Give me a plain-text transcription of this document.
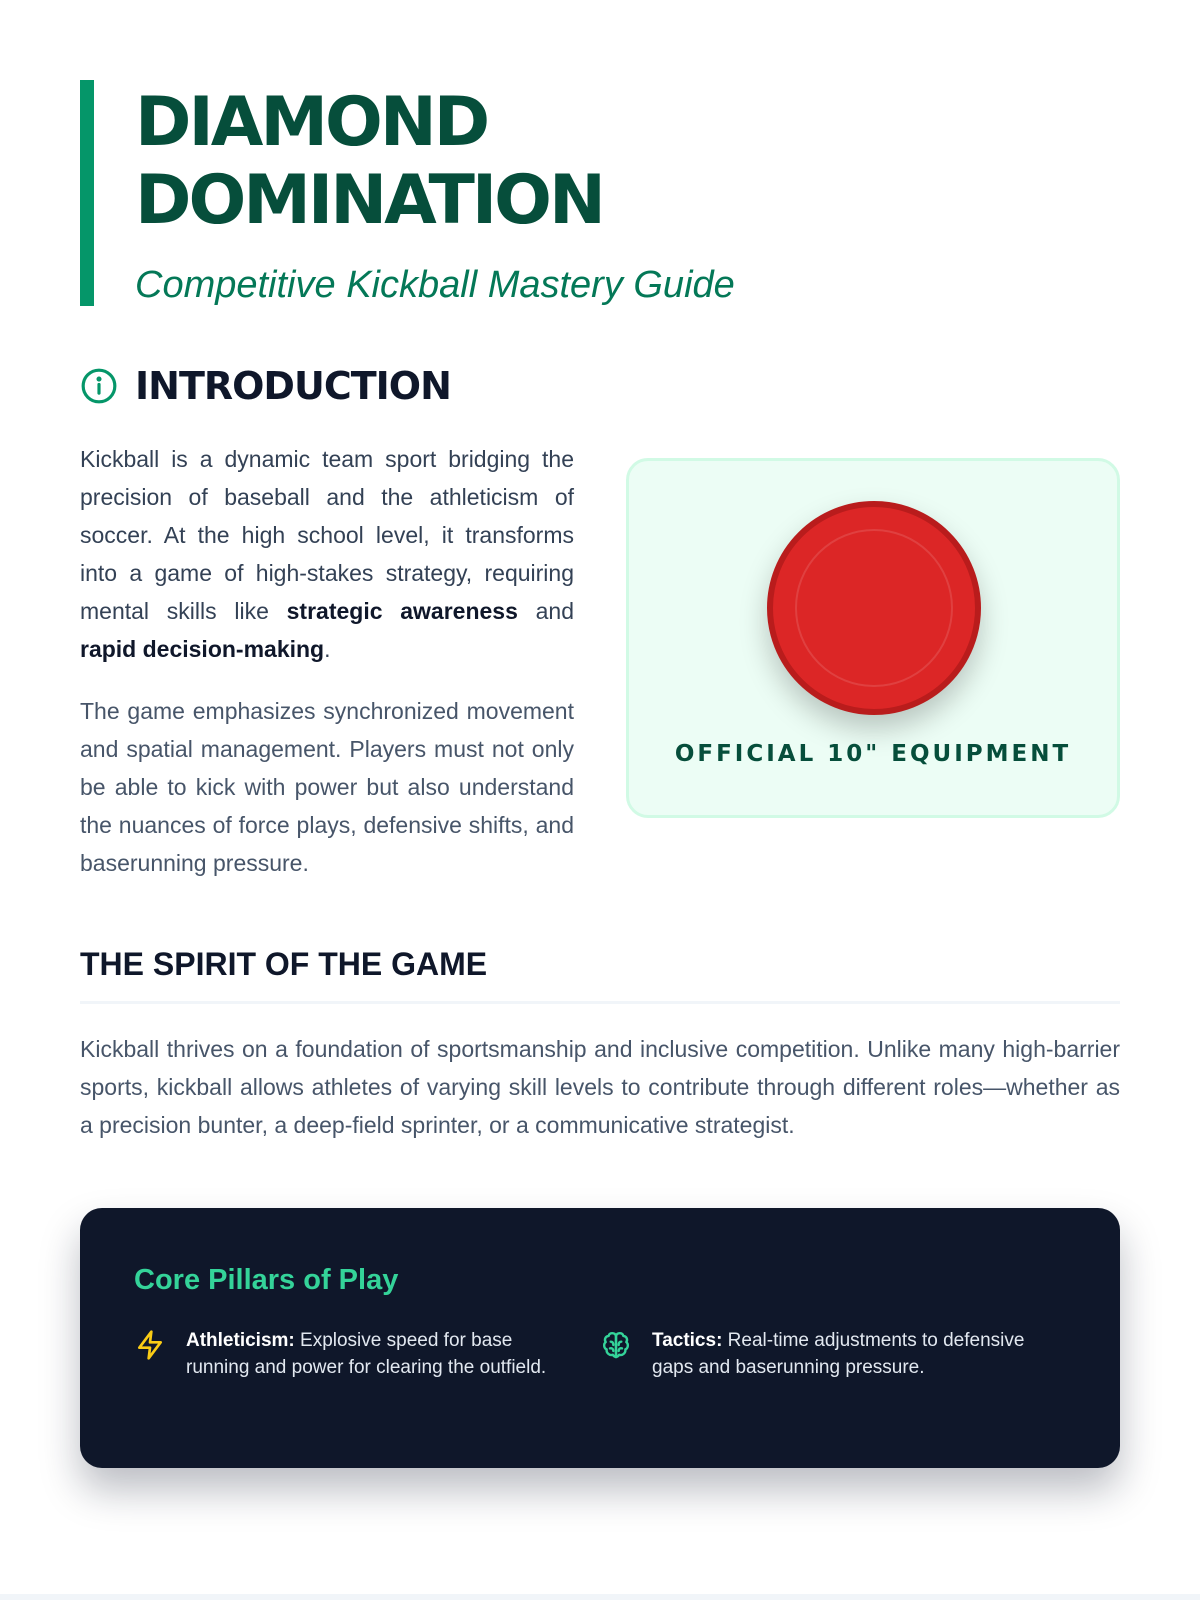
DIAMOND
DOMINATION
Competitive Kickball Mastery Guide
INTRODUCTION

Kickball is a dynamic team sport bridging the precision of baseball and the athleticism of soccer. At the high school level, it transforms into a game of high-stakes strategy, requiring mental skills like strategic awareness and rapid decision-making.

The game emphasizes synchronized movement and spatial management. Players must not only be able to kick with power but also understand the nuances of force plays, defensive shifts, and baserunning pressure.

OFFICIAL 10" EQUIPMENT
THE SPIRIT OF THE GAME

Kickball thrives on a foundation of sportsmanship and inclusive competition. Unlike many high-barrier sports, kickball allows athletes of varying skill levels to contribute through different roles—whether as a precision bunter, a deep-field sprinter, or a communicative strategist.

Core Pillars of Play
Athleticism: Explosive speed for base running and power for clearing the outfield.
Tactics: Real-time adjustments to defensive gaps and baserunning pressure.
